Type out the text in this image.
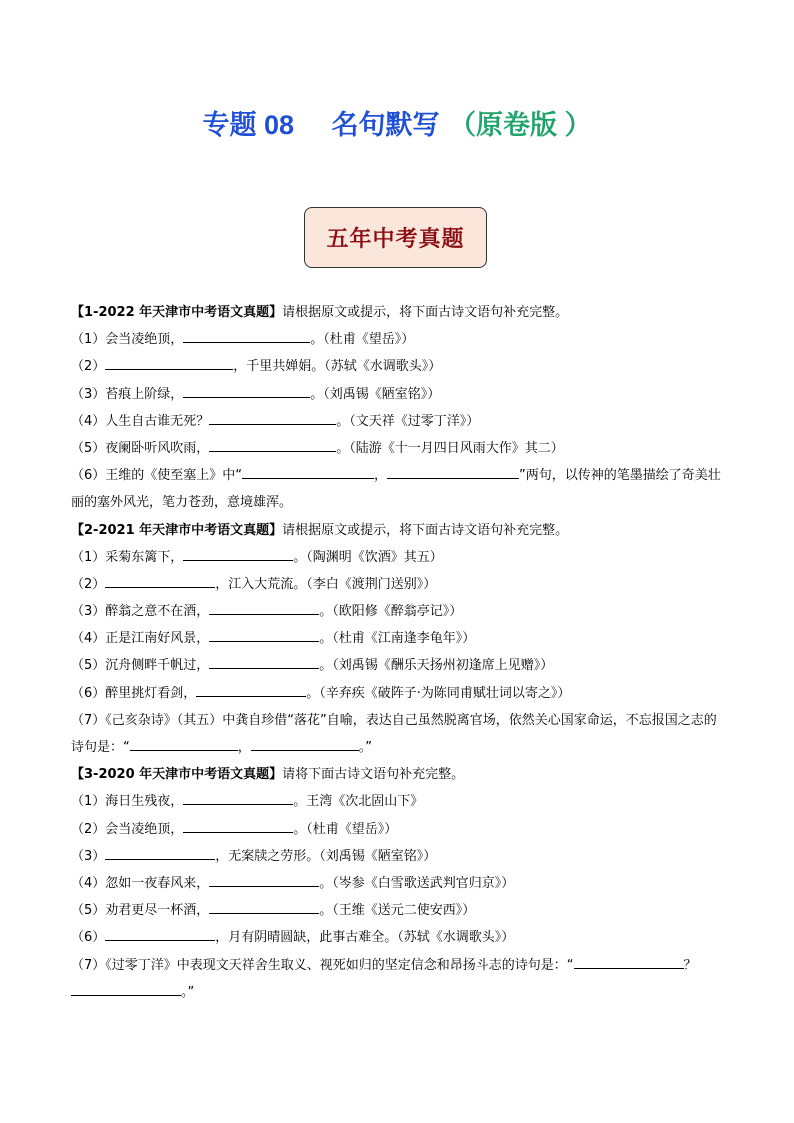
专题 08     名句默写 （原卷版 ）
五年中考真题
【1-2022 年天津市中考语文真题】请根据原文或提示，将下面古诗文语句补充完整。
（1）会当凌绝顶，	。（杜甫《望岳》）
（2）	，千里共婵娟。（苏轼《水调歌头》）
（3）苔痕上阶绿，	。（刘禹锡《陋室铭》）
（4）人生自古谁无死？	。（文天祥《过零丁洋》）
（5）夜阑卧听风吹雨，	。（陆游《十一月四日风雨大作》其二）
（6）王维的《使至塞上》中“	，	”两句，以传神的笔墨描绘了奇美壮丽的塞外风光，笔力苍劲，意境雄浑。
【2-2021 年天津市中考语文真题】请根据原文或提示，将下面古诗文语句补充完整。
（1）采菊东篱下，	。（陶渊明《饮酒》其五）
（2）	，江入大荒流。（李白《渡荆门送别》）
（3）醉翁之意不在酒，	。（欧阳修《醉翁亭记》）
（4）正是江南好风景，	。（杜甫《江南逢李龟年》）
（5）沉舟侧畔千帆过，	。（刘禹锡《酬乐天扬州初逢席上见赠》）
（6）醉里挑灯看剑，	。（辛弃疾《破阵子·为陈同甫赋壮词以寄之》）
（7）《己亥杂诗》（其五）中龚自珍借“落花”自喻，表达自己虽然脱离官场，依然关心国家命运，不忘报国之志的诗句是：“	，	。”
【3-2020 年天津市中考语文真题】请将下面古诗文语句补充完整。
（1）海日生残夜，	。王湾《次北固山下》
（2）会当凌绝顶，	。（杜甫《望岳》）
（3）	，无案牍之劳形。（刘禹锡《陋室铭》）
（4）忽如一夜春风来，	。（岑参《白雪歌送武判官归京》）
（5）劝君更尽一杯酒，	。（王维《送元二使安西》）
（6）	，月有阴晴圆缺，此事古难全。（苏轼《水调歌头》）
（7）《过零丁洋》中表现文天祥舍生取义、视死如归的坚定信念和昂扬斗志的诗句是：“	？。”
